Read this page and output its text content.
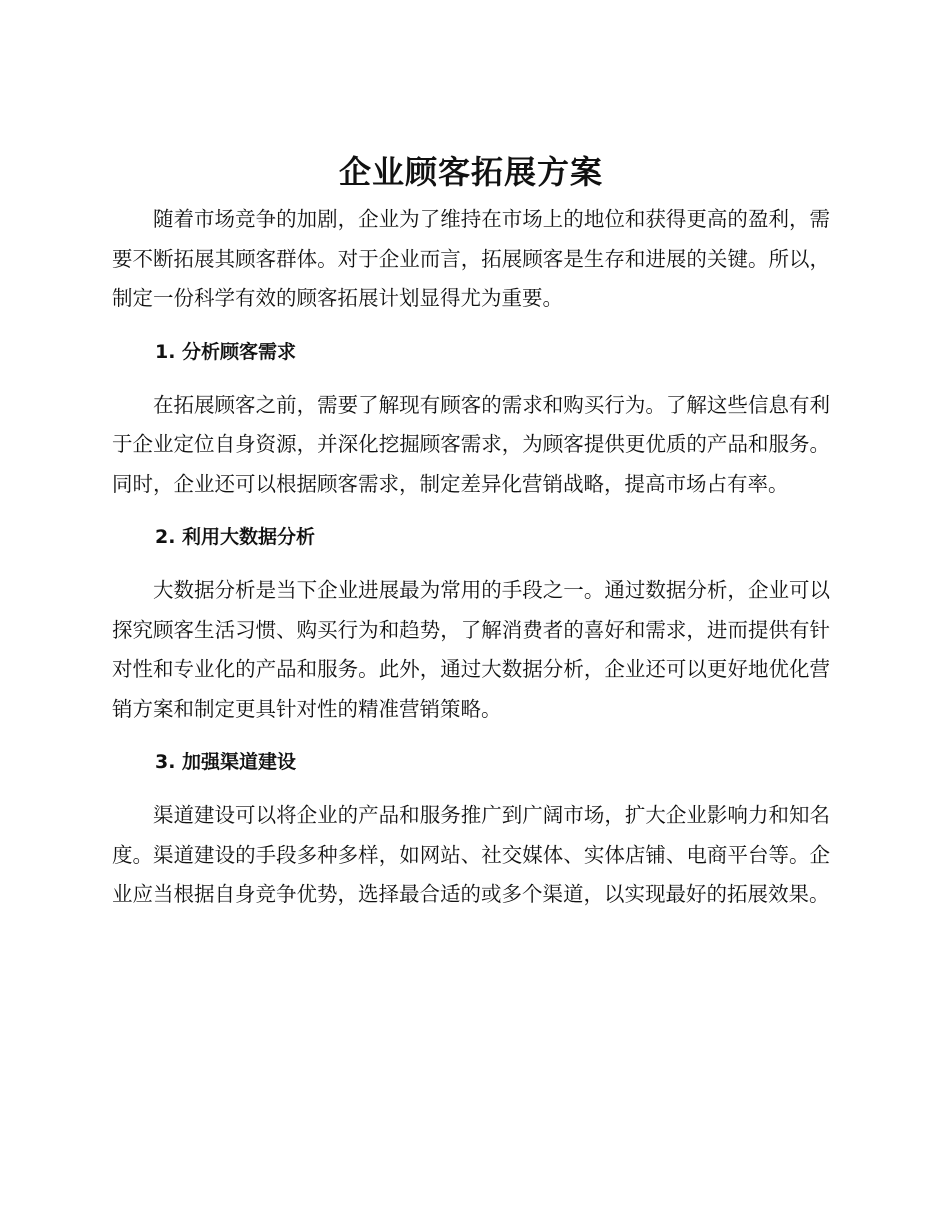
企业顾客拓展方案

随着市场竞争的加剧，企业为了维持在市场上的地位和获得更高的盈利，需要不断拓展其顾客群体。对于企业而言，拓展顾客是生存和进展的关键。所以，制定一份科学有效的顾客拓展计划显得尤为重要。

1. 分析顾客需求

在拓展顾客之前，需要了解现有顾客的需求和购买行为。了解这些信息有利于企业定位自身资源，并深化挖掘顾客需求，为顾客提供更优质的产品和服务。同时，企业还可以根据顾客需求，制定差异化营销战略，提高市场占有率。

2. 利用大数据分析

大数据分析是当下企业进展最为常用的手段之一。通过数据分析，企业可以探究顾客生活习惯、购买行为和趋势，了解消费者的喜好和需求，进而提供有针对性和专业化的产品和服务。此外，通过大数据分析，企业还可以更好地优化营销方案和制定更具针对性的精准营销策略。

3. 加强渠道建设

渠道建设可以将企业的产品和服务推广到广阔市场，扩大企业影响力和知名度。渠道建设的手段多种多样，如网站、社交媒体、实体店铺、电商平台等。企业应当根据自身竞争优势，选择最合适的或多个渠道，以实现最好的拓展效果。
